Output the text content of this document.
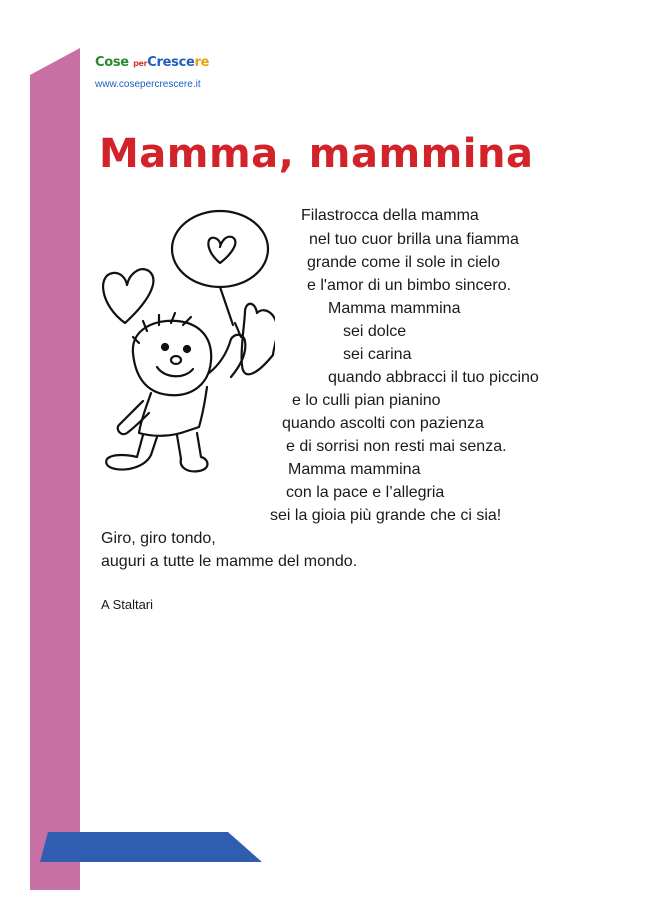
Cose perCrescere
www.cosepercrescere.it
Mamma, mammina
Filastrocca della mamma
nel tuo cuor brilla una fiamma
grande come il sole in cielo
e l'amor di un bimbo sincero.
Mamma mammina
sei dolce
sei carina
quando abbracci il tuo piccino
e lo culli pian pianino
quando ascolti con pazienza
e di sorrisi non resti mai senza.
Mamma mammina
con la pace e l’allegria
sei la gioia più grande che ci sia!
Giro, giro tondo,
auguri a tutte le mamme del mondo.
A Staltari
